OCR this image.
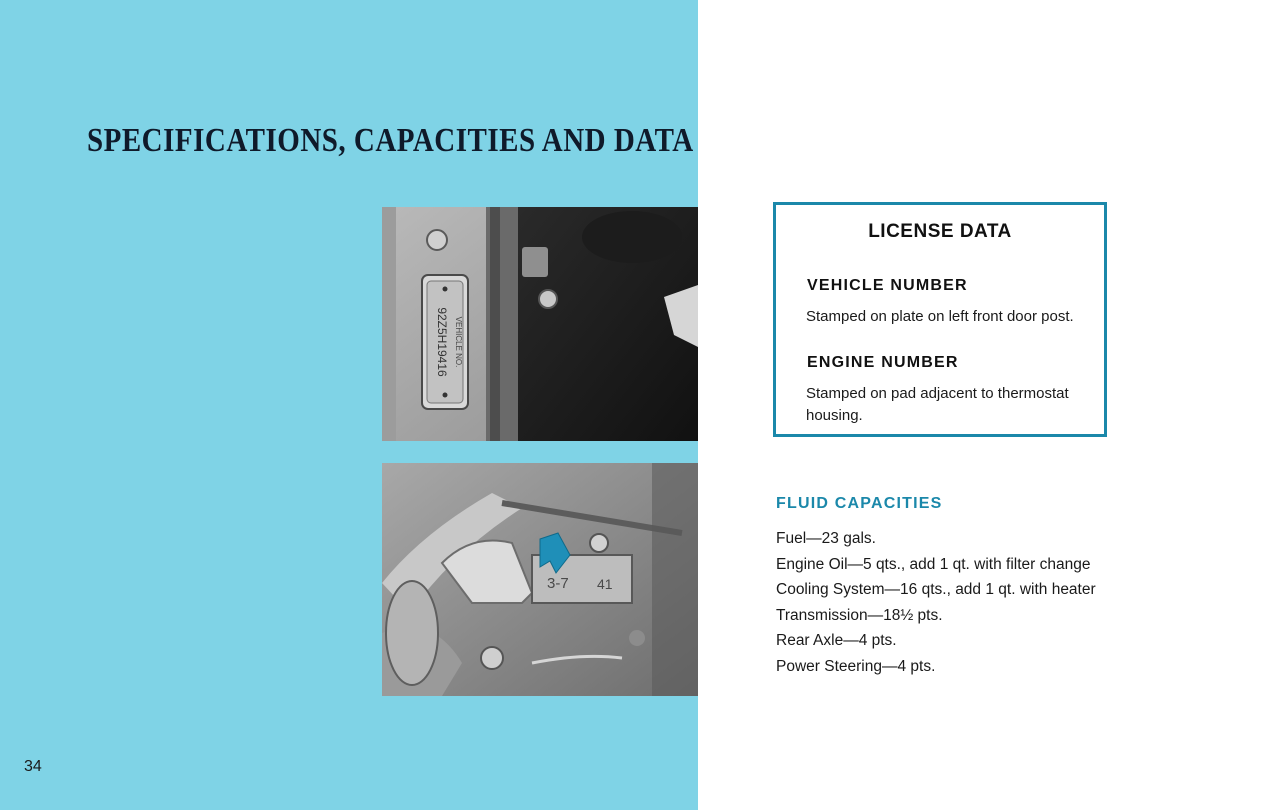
SPECIFICATIONS, CAPACITIES AND DATA
92Z5H19416 VEHICLE NO.
3-7 41
34
LICENSE DATA
VEHICLE NUMBER

Stamped on plate on left front door post.

ENGINE NUMBER

Stamped on pad adjacent to thermostat housing.

FLUID CAPACITIES
Fuel—23 gals.
Engine Oil—5 qts., add 1 qt. with filter change
Cooling System—16 qts., add 1 qt. with heater
Transmission—18½ pts.
Rear Axle—4 pts.
Power Steering—4 pts.
